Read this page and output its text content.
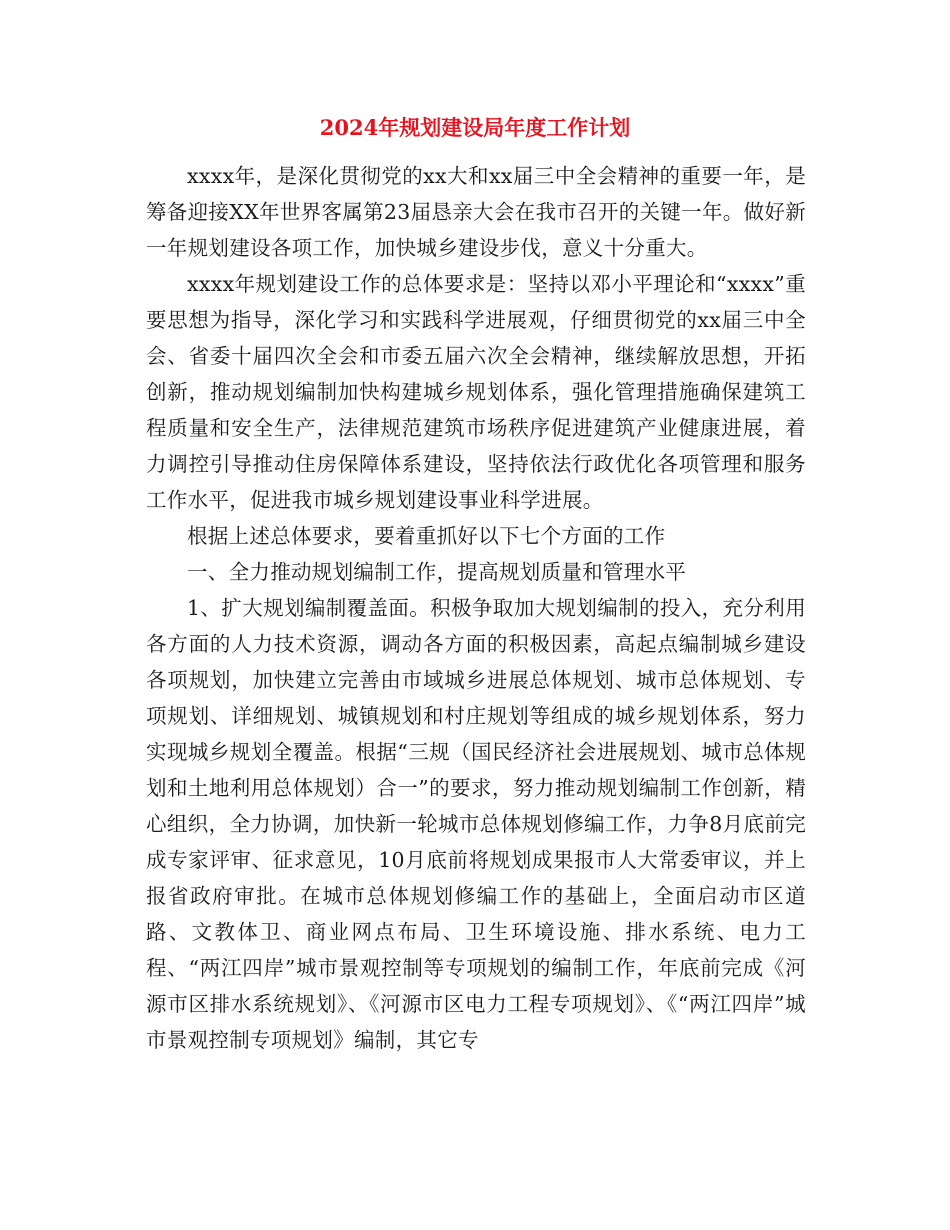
2024年规划建设局年度工作计划

xxxx年，是深化贯彻党的xx大和xx届三中全会精神的重要一年，是筹备迎接XX年世界客属第23届恳亲大会在我市召开的关键一年。做好新一年规划建设各项工作，加快城乡建设步伐，意义十分重大。

xxxx年规划建设工作的总体要求是：坚持以邓小平理论和“xxxx”重要思想为指导，深化学习和实践科学进展观，仔细贯彻党的xx届三中全会、省委十届四次全会和市委五届六次全会精神，继续解放思想，开拓创新，推动规划编制加快构建城乡规划体系，强化管理措施确保建筑工程质量和安全生产，法律规范建筑市场秩序促进建筑产业健康进展，着力调控引导推动住房保障体系建设，坚持依法行政优化各项管理和服务工作水平，促进我市城乡规划建设事业科学进展。

根据上述总体要求，要着重抓好以下七个方面的工作

一、全力推动规划编制工作，提高规划质量和管理水平

1、扩大规划编制覆盖面。积极争取加大规划编制的投入，充分利用各方面的人力技术资源，调动各方面的积极因素，高起点编制城乡建设各项规划，加快建立完善由市域城乡进展总体规划、城市总体规划、专项规划、详细规划、城镇规划和村庄规划等组成的城乡规划体系，努力实现城乡规划全覆盖。根据“三规（国民经济社会进展规划、城市总体规划和土地利用总体规划）合一”的要求，努力推动规划编制工作创新，精心组织，全力协调，加快新一轮城市总体规划修编工作，力争8月底前完成专家评审、征求意见，10月底前将规划成果报市人大常委审议，并上报省政府审批。在城市总体规划修编工作的基础上，全面启动市区道路、文教体卫、商业网点布局、卫生环境设施、排水系统、电力工程、“两江四岸”城市景观控制等专项规划的编制工作，年底前完成《河源市区排水系统规划》、《河源市区电力工程专项规划》、《“两江四岸”城市景观控制专项规划》编制，其它专
